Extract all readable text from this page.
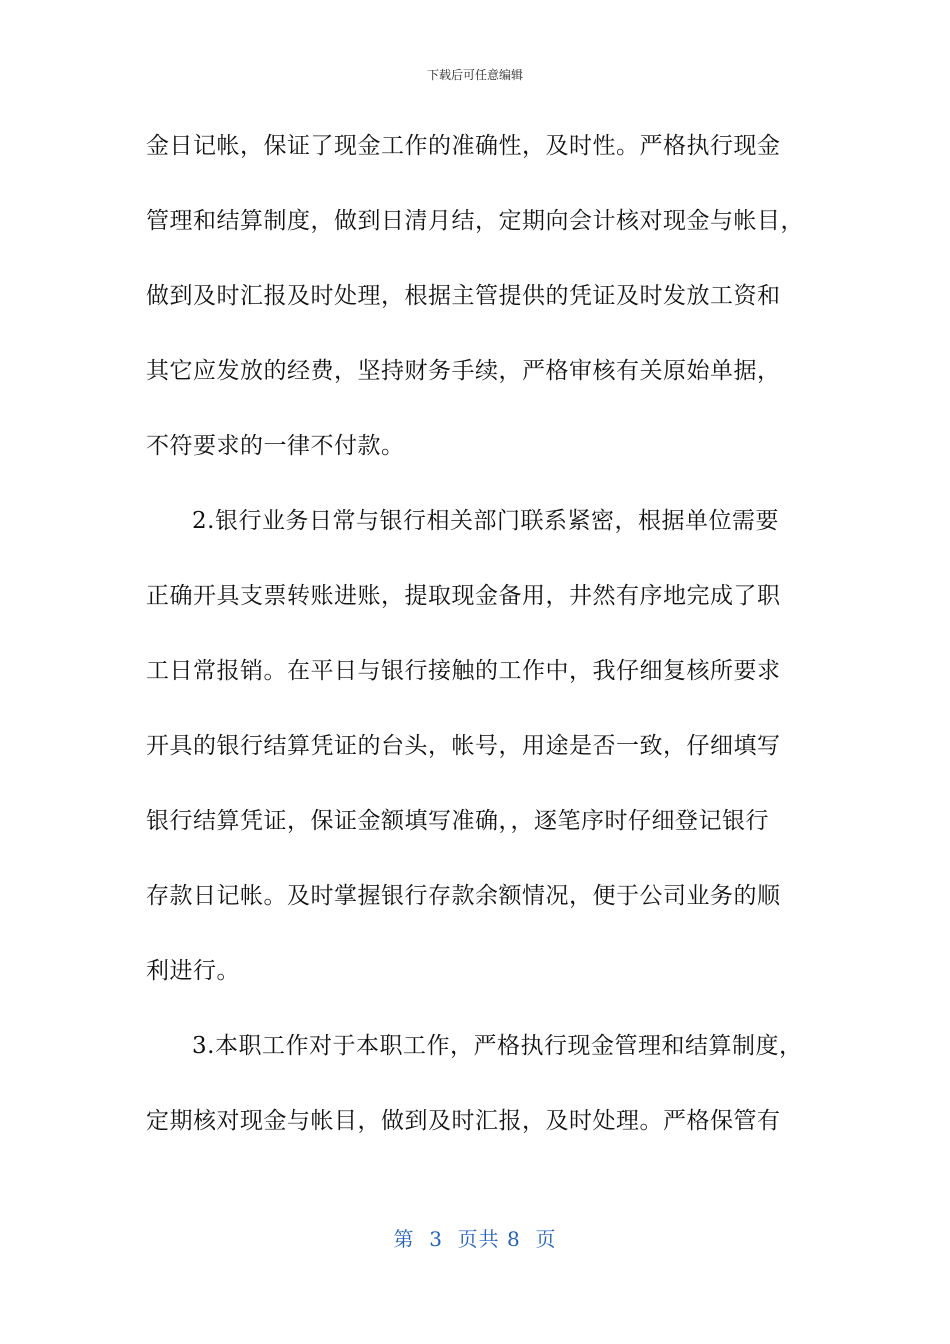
下载后可任意编辑
金日记帐，保证了现金工作的准确性，及时性。严格执行现金
管理和结算制度，做到日清月结，定期向会计核对现金与帐目，
做到及时汇报及时处理，根据主管提供的凭证及时发放工资和
其它应发放的经费，坚持财务手续，严格审核有关原始单据，
不符要求的一律不付款。
2.银行业务日常与银行相关部门联系紧密，根据单位需要
正确开具支票转账进账，提取现金备用，井然有序地完成了职
工日常报销。在平日与银行接触的工作中，我仔细复核所要求
开具的银行结算凭证的台头，帐号，用途是否一致，仔细填写
银行结算凭证，保证金额填写准确，，逐笔序时仔细登记银行
存款日记帐。及时掌握银行存款余额情况，便于公司业务的顺
利进行。
3.本职工作对于本职工作，严格执行现金管理和结算制度，
定期核对现金与帐目，做到及时汇报，及时处理。严格保管有
第  3  页共 8  页
